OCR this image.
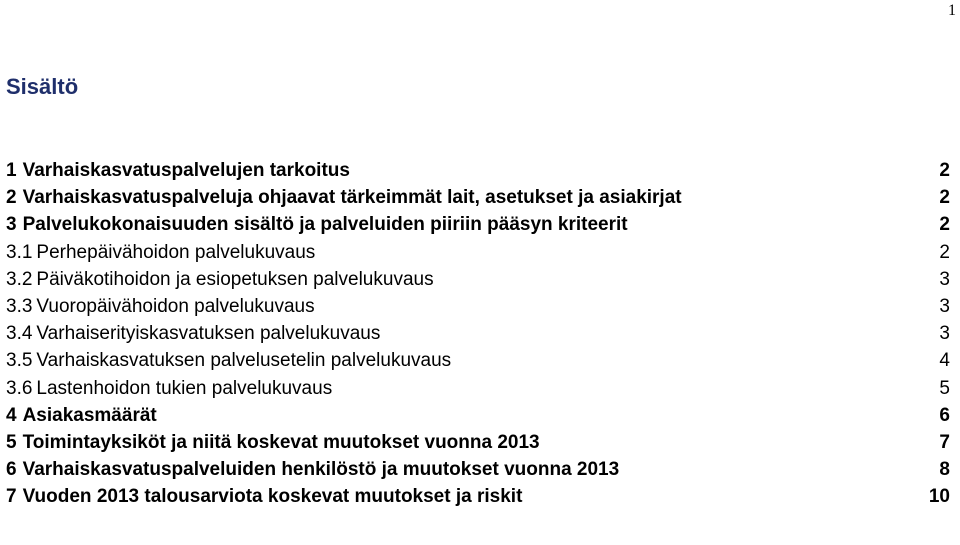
1
Sisältö
1 Varhaiskasvatuspalvelujen tarkoitus	2
2 Varhaiskasvatuspalveluja ohjaavat tärkeimmät lait, asetukset ja asiakirjat	2
3 Palvelukokonaisuuden sisältö ja palveluiden piiriin pääsyn kriteerit	2
3.1 Perhepäivähoidon palvelukuvaus	2
3.2 Päiväkotihoidon ja esiopetuksen palvelukuvaus	3
3.3 Vuoropäivähoidon palvelukuvaus	3
3.4 Varhaiserityiskasvatuksen palvelukuvaus	3
3.5 Varhaiskasvatuksen palvelusetelin palvelukuvaus	4
3.6 Lastenhoidon tukien palvelukuvaus	5
4 Asiakasmäärät	6
5 Toimintayksiköt ja niitä koskevat muutokset vuonna 2013	7
6 Varhaiskasvatuspalveluiden henkilöstö ja muutokset vuonna 2013	8
7 Vuoden 2013 talousarviota koskevat muutokset ja riskit	10
